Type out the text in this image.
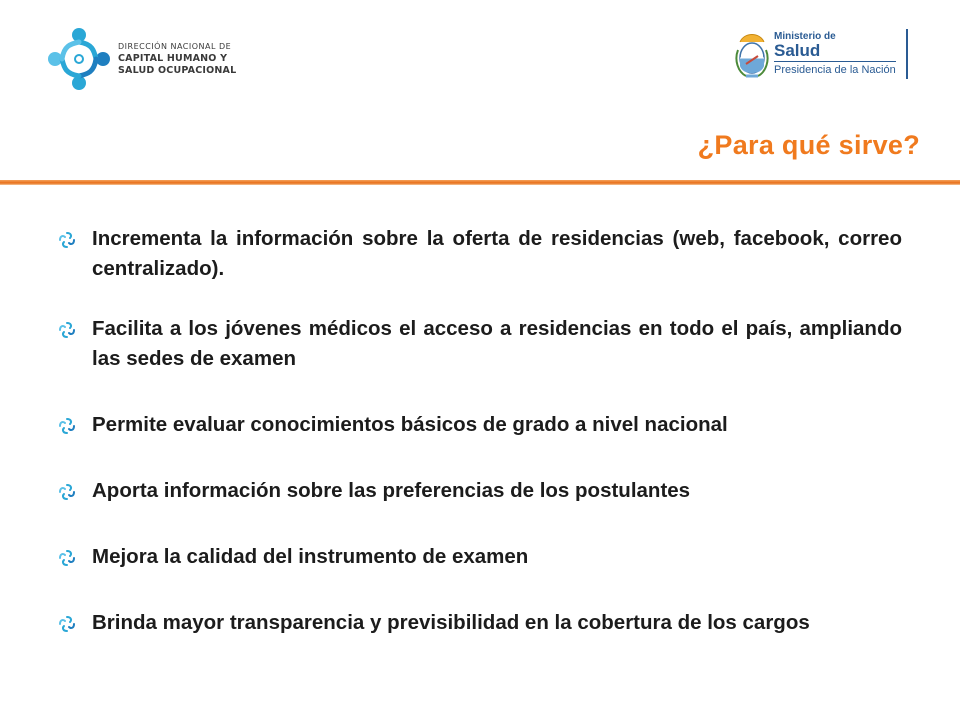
DIRECCIÓN NACIONAL DE
CAPITAL HUMANO Y
SALUD OCUPACIONAL
Ministerio de
Salud
Presidencia de la Nación
¿Para qué sirve?
Incrementa la información sobre la oferta de residencias (web, facebook, correo centralizado).
Facilita a los jóvenes médicos el acceso a residencias en todo el país, ampliando las sedes de examen
Permite evaluar conocimientos básicos de grado a nivel nacional
Aporta información sobre las preferencias de los postulantes
Mejora la calidad del instrumento de examen
Brinda mayor transparencia y previsibilidad en la cobertura de los cargos
